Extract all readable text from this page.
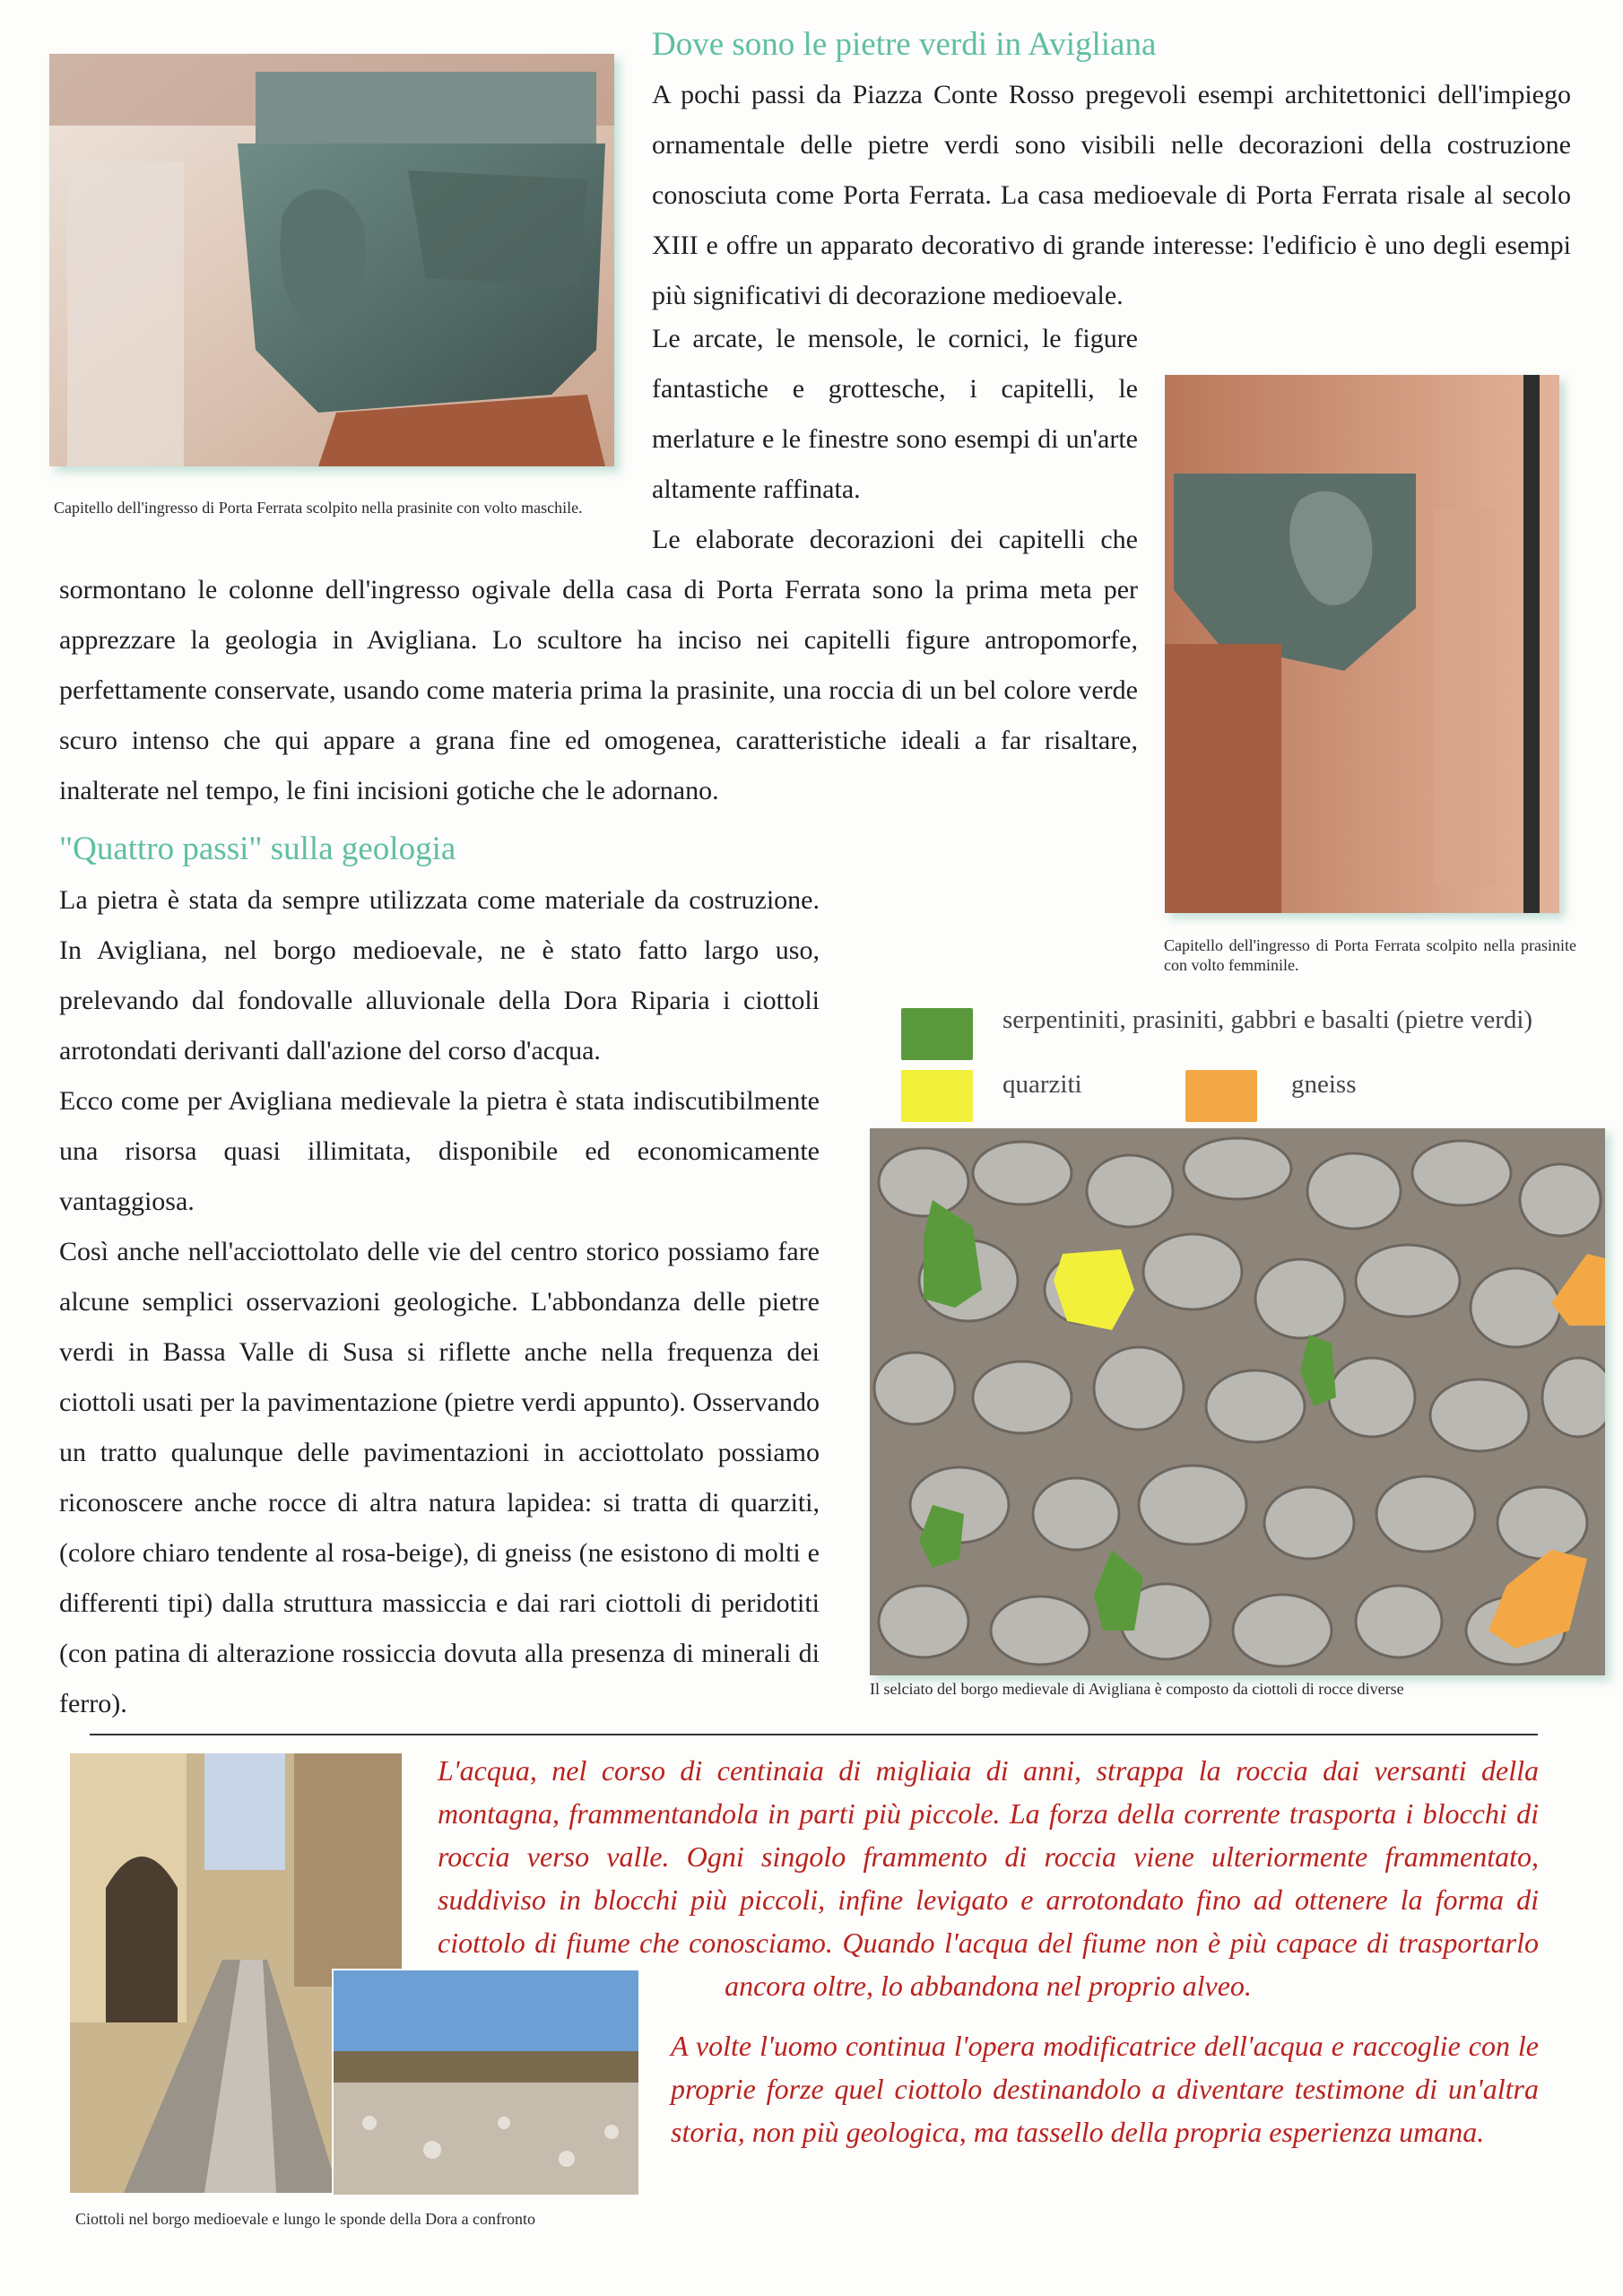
Capitello dell'ingresso di Porta Ferrata scolpito nella prasinite con volto maschile.

Dove sono le pietre verdi in Avigliana

A pochi passi da Piazza Conte Rosso pregevoli esempi architettonici dell'impiego ornamentale delle pietre verdi sono visibili nelle decorazioni della costruzione conosciuta come Porta Ferrata. La casa medioevale di Porta Ferrata risale al secolo XIII e offre un apparato decorativo di grande interesse: l'edificio è uno degli esempi più significativi di decorazione medioevale.

Le arcate, le mensole, le cornici, le figure fantastiche e grottesche, i capitelli, le merlature e le finestre sono esempi di un'arte altamente raffinata.

Le elaborate decorazioni dei capitelli che sormontano le colonne dell'ingresso ogivale della casa di Porta Ferrata sono la prima meta per apprezzare la geologia in Avigliana. Lo scultore ha inciso nei capitelli figure antropomorfe, perfettamente conservate, usando come materia prima la prasinite, una roccia di un bel colore verde scuro intenso che qui appare a grana fine ed omogenea, caratteristiche ideali a far risaltare, inalterate nel tempo, le fini incisioni gotiche che le adornano.

Capitello dell'ingresso di Porta Ferrata scolpito nella prasinite con volto femminile.

"Quattro passi" sulla geologia

La pietra è stata da sempre utilizzata come materiale da costruzione. In Avigliana, nel borgo medioevale, ne è stato fatto largo uso, prelevando dal fondovalle alluvionale della Dora Riparia i ciottoli arrotondati derivanti dall'azione del corso d'acqua.

Ecco come per Avigliana medievale la pietra è stata indiscutibilmente una risorsa quasi illimitata, disponibile ed economicamente vantaggiosa.

Così anche nell'acciottolato delle vie del centro storico possiamo fare alcune semplici osservazioni geologiche. L'abbondanza delle pietre verdi in Bassa Valle di Susa si riflette anche nella frequenza dei ciottoli usati per la pavimentazione (pietre verdi appunto). Osservando un tratto qualunque delle pavimentazioni in acciottolato possiamo riconoscere anche rocce di altra natura lapidea: si tratta di quarziti, (colore chiaro tendente al rosa-beige), di gneiss (ne esistono di molti e differenti tipi) dalla struttura massiccia e dai rari ciottoli di peridotiti (con patina di alterazione rossiccia dovuta alla presenza di minerali di ferro).

serpentiniti, prasiniti, gabbri e basalti (pietre verdi)
quarziti	gneiss

Il selciato del borgo medievale di Avigliana è composto da ciottoli di rocce diverse

Ciottoli nel borgo medioevale e lungo le sponde della Dora a confronto

L'acqua, nel corso di centinaia di migliaia di anni, strappa la roccia dai versanti della montagna, frammentandola in parti più piccole. La forza della corrente trasporta i blocchi di roccia verso valle. Ogni singolo frammento di roccia viene ulteriormente frammentato, suddiviso in blocchi più piccoli, infine levigato e arrotondato fino ad ottenere la forma di ciottolo di fiume che conosciamo. Quando l'acqua del fiume non è più capace di trasportarlo ancora oltre, lo abbandona nel proprio alveo.

A volte l'uomo continua l'opera modificatrice dell'acqua e raccoglie con le proprie forze quel ciottolo destinandolo a diventare testimone di un'altra storia, non più geologica, ma tassello della propria esperienza umana.
